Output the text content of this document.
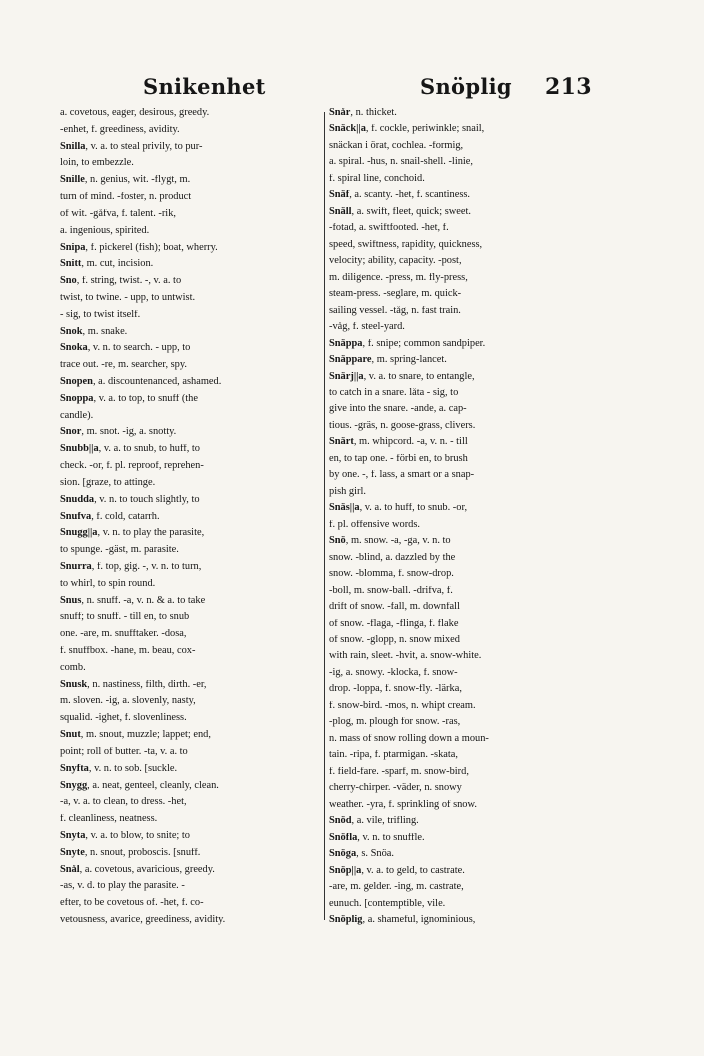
Snikenhet	Snöplig 213
a. covetous, eager, desirous, greedy.
-enhet, f. greediness, avidity.
Snilla, v. a. to steal privily, to pur-
loin, to embezzle.
Snille, n. genius, wit. -flygt, m.
turn of mind. -foster, n. product
of wit. -gåfva, f. talent. -rik,
a. ingenious, spirited.
Snipa, f. pickerel (fish); boat, wherry.
Snitt, m. cut, incision.
Sno, f. string, twist. -, v. a. to
twist, to twine. - upp, to untwist.
- sig, to twist itself.
Snok, m. snake.
Snoka, v. n. to search. - upp, to
trace out. -re, m. searcher, spy.
Snopen, a. discountenanced, ashamed.
Snoppa, v. a. to top, to snuff (the
candle).
Snor, m. snot. -ig, a. snotty.
Snubb||a, v. a. to snub, to huff, to
check. -or, f. pl. reproof, reprehen-
sion. [graze, to attinge.
Snudda, v. n. to touch slightly, to
Snufva, f. cold, catarrh.
Snugg||a, v. n. to play the parasite,
to spunge. -gäst, m. parasite.
Snurra, f. top, gig. -, v. n. to turn,
to whirl, to spin round.
Snus, n. snuff. -a, v. n. & a. to take
snuff; to snuff. - till en, to snub
one. -are, m. snufftaker. -dosa,
f. snuffbox. -hane, m. beau, cox-
comb.
Snusk, n. nastiness, filth, dirth. -er,
m. sloven. -ig, a. slovenly, nasty,
squalid. -ighet, f. slovenliness.
Snut, m. snout, muzzle; lappet; end,
point; roll of butter. -ta, v. a. to
Snyfta, v. n. to sob. [suckle.
Snygg, a. neat, genteel, cleanly, clean.
-a, v. a. to clean, to dress. -het,
f. cleanliness, neatness.
Snyta, v. a. to blow, to snite; to
Snyte, n. snout, proboscis. [snuff.
Snål, a. covetous, avaricious, greedy.
-as, v. d. to play the parasite. -
efter, to be covetous of. -het, f. co-
vetousness, avarice, greediness, avidity.
Snår, n. thicket.
Snäck||a, f. cockle, periwinkle; snail,
snäckan i örat, cochlea. -formig,
a. spiral. -hus, n. snail-shell. -linie,
f. spiral line, conchoid.
Snäf, a. scanty. -het, f. scantiness.
Snäll, a. swift, fleet, quick; sweet.
-fotad, a. swiftfooted. -het, f.
speed, swiftness, rapidity, quickness,
velocity; ability, capacity. -post,
m. diligence. -press, m. fly-press,
steam-press. -seglare, m. quick-
sailing vessel. -tåg, n. fast train.
-våg, f. steel-yard.
Snäppa, f. snipe; common sandpiper.
Snäppare, m. spring-lancet.
Snärj||a, v. a. to snare, to entangle,
to catch in a snare. låta - sig, to
give into the snare. -ande, a. cap-
tious. -gräs, n. goose-grass, clivers.
Snärt, m. whipcord. -a, v. n. - till
en, to tap one. - förbi en, to brush
by one. -, f. lass, a smart or a snap-
pish girl.
Snäs||a, v. a. to huff, to snub. -or,
f. pl. offensive words.
Snö, m. snow. -a, -ga, v. n. to
snow. -blind, a. dazzled by the
snow. -blomma, f. snow-drop.
-boll, m. snow-ball. -drifva, f.
drift of snow. -fall, m. downfall
of snow. -flaga, -flinga, f. flake
of snow. -glopp, n. snow mixed
with rain, sleet. -hvit, a. snow-white.
-ig, a. snowy. -klocka, f. snow-
drop. -loppa, f. snow-fly. -lärka,
f. snow-bird. -mos, n. whipt cream.
-plog, m. plough for snow. -ras,
n. mass of snow rolling down a moun-
tain. -ripa, f. ptarmigan. -skata,
f. field-fare. -sparf, m. snow-bird,
cherry-chirper. -väder, n. snowy
weather. -yra, f. sprinkling of snow.
Snöd, a. vile, trifling.
Snöfla, v. n. to snuffle.
Snöga, s. Snöa.
Snöp||a, v. a. to geld, to castrate.
-are, m. gelder. -ing, m. castrate,
eunuch. [contemptible, vile.
Snöplig, a. shameful, ignominious,
